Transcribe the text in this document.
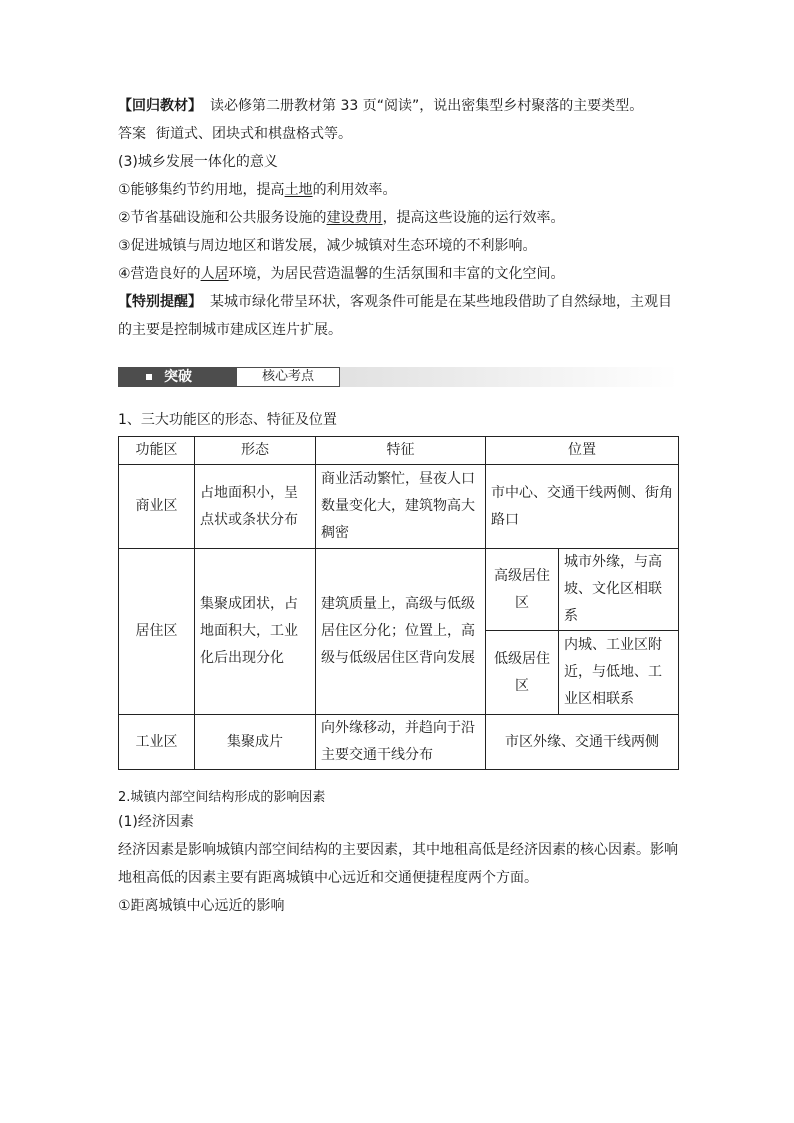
【回归教材】 读必修第二册教材第 33 页“阅读”，说出密集型乡村聚落的主要类型。
答案 街道式、团块式和棋盘格式等。
(3)城乡发展一体化的意义
①能够集约节约用地，提高土地的利用效率。
②节省基础设施和公共服务设施的建设费用，提高这些设施的运行效率。
③促进城镇与周边地区和谐发展，减少城镇对生态环境的不利影响。
④营造良好的人居环境，为居民营造温馨的生活氛围和丰富的文化空间。
【特别提醒】 某城市绿化带呈环状，客观条件可能是在某些地段借助了自然绿地，主观目的主要是控制城市建成区连片扩展。
突破	核心考点
1、三大功能区的形态、特征及位置
功能区	形态	特征	位置	
商业区	占地面积小，呈点状或条状分布	商业活动繁忙，昼夜人口数量变化大，建筑物高大稠密	市中心、交通干线两侧、街角路口	
居住区	集聚成团状，占地面积大，工业化后出现分化	建筑质量上，高级与低级居住区分化；位置上，高级与低级居住区背向发展	高级居住区	城市外缘，与高坡、文化区相联系
			低级居住区	内城、工业区附近，与低地、工业区相联系
工业区	集聚成片	向外缘移动，并趋向于沿主要交通干线分布	市区外缘、交通干线两侧	
2.城镇内部空间结构形成的影响因素
(1)经济因素
经济因素是影响城镇内部空间结构的主要因素，其中地租高低是经济因素的核心因素。影响地租高低的因素主要有距离城镇中心远近和交通便捷程度两个方面。
①距离城镇中心远近的影响
